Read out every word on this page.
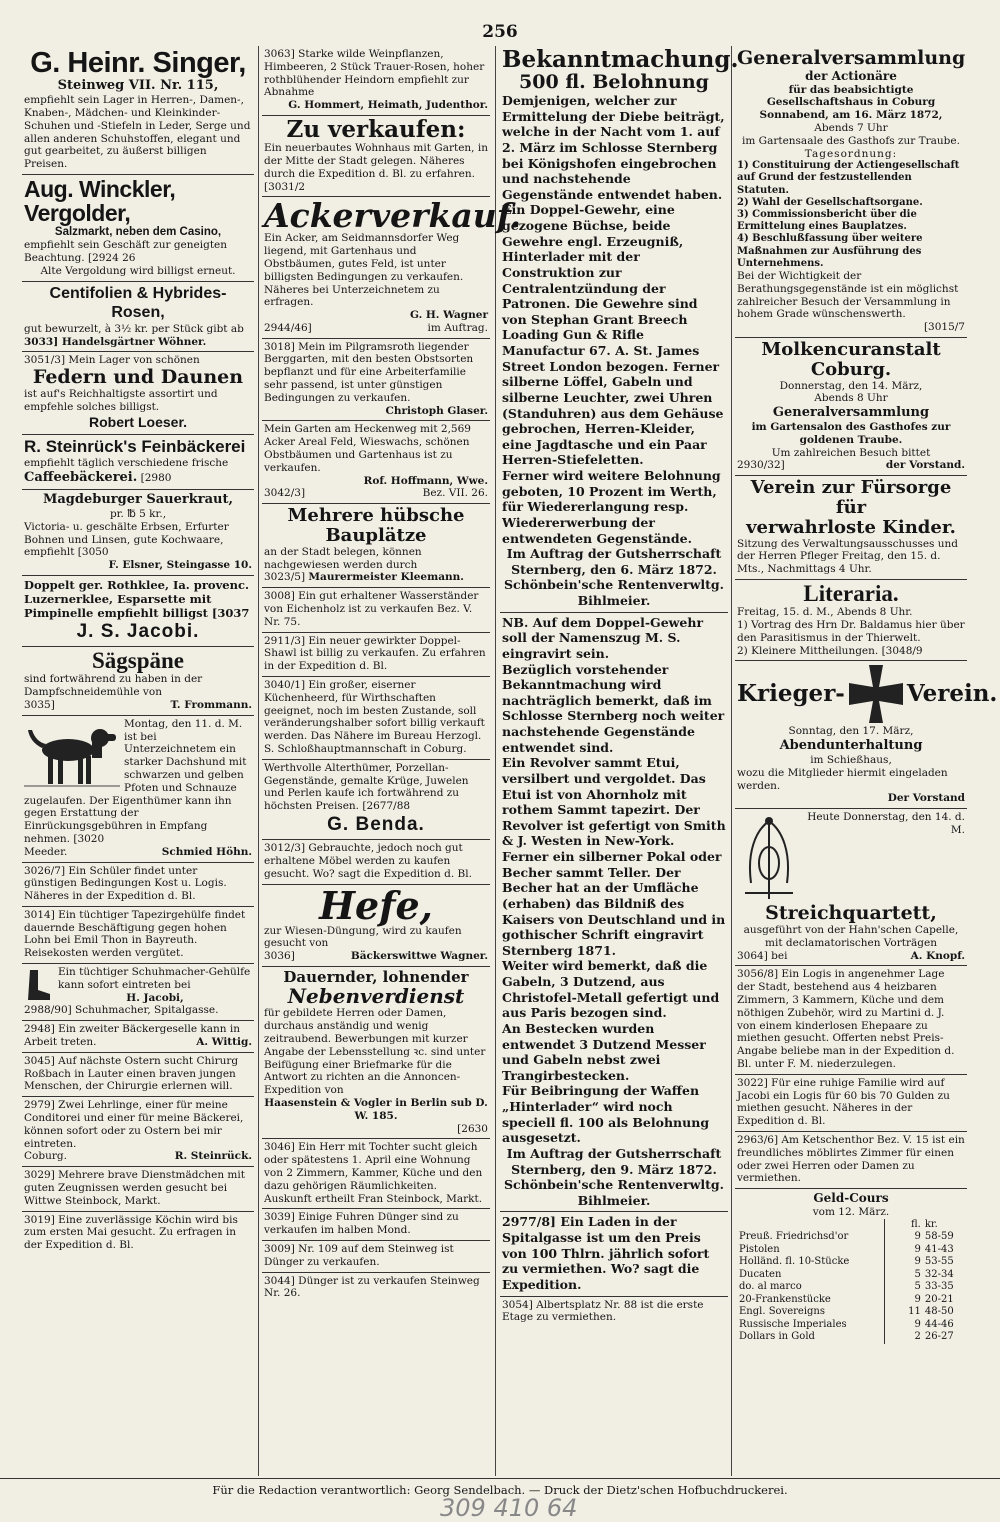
256
G. Heinr. Singer,
Steinweg VII. Nr. 115,

empfiehlt sein Lager in Herren-, Damen-, Knaben-, Mädchen- und Kleinkinder-Schuhen und -Stiefeln in Leder, Serge und allen anderen Schuhstoffen, elegant und gut gearbeitet, zu äußerst billigen Preisen.

Aug. Winckler, Vergolder,
Salzmarkt, neben dem Casino,

empfiehlt sein Geschäft zur geneigten Beachtung. [2924 26

Alte Vergoldung wird billigst erneut.

Centifolien & Hybrides-
Rosen,

gut bewurzelt, à 3½ kr. per Stück gibt ab

3033] Handelsgärtner Wöhner.

3051/3] Mein Lager von schönen

Federn und Daunen

ist auf's Reichhaltigste assortirt und empfehle solches billigst.

Robert Loeser.

R. Steinrück's Feinbäckerei

empfiehlt täglich verschiedene frische

Caffeebäckerei. [2980

Magdeburger Sauerkraut,

pr. ℔ 5 kr.,

Victoria- u. geschälte Erbsen, Erfurter Bohnen und Linsen, gute Kochwaare, empfiehlt [3050

F. Elsner, Steingasse 10.

Doppelt ger. Rothklee, Ia. provenc. Luzernerklee, Esparsette mit Pimpinelle empfiehlt billigst [3037

J. S. Jacobi.
Sägspäne

sind fortwährend zu haben in der Dampfschneidemühle von

3035]	T. Frommann.

Montag, den 11. d. M. ist bei Unterzeichnetem ein starker Dachshund mit schwarzen und gelben Pfoten und Schnauze zugelaufen. Der Eigenthümer kann ihn gegen Erstattung der Einrückungsgebühren in Empfang nehmen. [3020

Meeder.	Schmied Höhn.

3026/7] Ein Schüler findet unter günstigen Bedingungen Kost u. Logis. Näheres in der Expedition d. Bl.

3014] Ein tüchtiger Tapezirgehülfe findet dauernde Beschäftigung gegen hohen Lohn bei Emil Thon in Bayreuth. Reisekosten werden vergütet.

Ein tüchtiger Schuhmacher-Gehülfe kann sofort eintreten bei

H. Jacobi,

2988/90] Schuhmacher, Spitalgasse.

2948] Ein zweiter Bäckergeselle kann in Arbeit treten.	A. Wittig.

3045] Auf nächste Ostern sucht Chirurg Roßbach in Lauter einen braven jungen Menschen, der Chirurgie erlernen will.

2979] Zwei Lehrlinge, einer für meine Conditorei und einer für meine Bäckerei, können sofort oder zu Ostern bei mir eintreten.

Coburg.	R. Steinrück.

3029] Mehrere brave Dienstmädchen mit guten Zeugnissen werden gesucht bei Wittwe Steinbock, Markt.

3019] Eine zuverlässige Köchin wird bis zum ersten Mai gesucht. Zu erfragen in der Expedition d. Bl.

3063] Starke wilde Weinpflanzen, Himbeeren, 2 Stück Trauer-Rosen, hoher rothblühender Heindorn empfiehlt zur Abnahme

G. Hommert, Heimath, Judenthor.

Zu verkaufen:

Ein neuerbautes Wohnhaus mit Garten, in der Mitte der Stadt gelegen. Näheres durch die Expedition d. Bl. zu erfahren. [3031/2

Ackerverkauf.

Ein Acker, am Seidmannsdorfer Weg liegend, mit Gartenhaus und Obstbäumen, gutes Feld, ist unter billigsten Bedingungen zu verkaufen. Näheres bei Unterzeichnetem zu erfragen.

G. H. Wagner

2944/46]	im Auftrag.

3018] Mein im Pilgramsroth liegender Berggarten, mit den besten Obstsorten bepflanzt und für eine Arbeiterfamilie sehr passend, ist unter günstigen Bedingungen zu verkaufen.

Christoph Glaser.

Mein Garten am Heckenweg mit 2,569 Acker Areal Feld, Wieswachs, schönen Obstbäumen und Gartenhaus ist zu verkaufen.

Rof. Hoffmann, Wwe.

3042/3]	Bez. VII. 26.

Mehrere hübsche Bauplätze

an der Stadt belegen, können nachgewiesen werden durch

3023/5] Maurermeister Kleemann.

3008] Ein gut erhaltener Wasserständer von Eichenholz ist zu verkaufen Bez. V. Nr. 75.

2911/3] Ein neuer gewirkter Doppel-Shawl ist billig zu verkaufen. Zu erfahren in der Expedition d. Bl.

3040/1] Ein großer, eiserner Küchenheerd, für Wirthschaften geeignet, noch im besten Zustande, soll veränderungshalber sofort billig verkauft werden. Das Nähere im Bureau Herzogl. S. Schloßhauptmannschaft in Coburg.

Werthvolle Alterthümer, Porzellan-Gegenstände, gemalte Krüge, Juwelen und Perlen kaufe ich fortwährend zu höchsten Preisen. [2677/88

G. Benda.

3012/3] Gebrauchte, jedoch noch gut erhaltene Möbel werden zu kaufen gesucht. Wo? sagt die Expedition d. Bl.

Hefe,

zur Wiesen-Düngung, wird zu kaufen gesucht von

3036]	Bäckerswittwe Wagner.

Dauernder, lohnender
Nebenverdienst

für gebildete Herren oder Damen, durchaus anständig und wenig zeitraubend. Bewerbungen mit kurzer Angabe der Lebensstellung ꝛc. sind unter Beifügung einer Briefmarke für die Antwort zu richten an die Annoncen-Expedition von

Haasenstein & Vogler in Berlin sub D. W. 185.

[2630

3046] Ein Herr mit Tochter sucht gleich oder spätestens 1. April eine Wohnung von 2 Zimmern, Kammer, Küche und den dazu gehörigen Räumlichkeiten. Auskunft ertheilt Fran Steinbock, Markt.

3039] Einige Fuhren Dünger sind zu verkaufen im halben Mond.

3009] Nr. 109 auf dem Steinweg ist Dünger zu verkaufen.

3044] Dünger ist zu verkaufen Steinweg Nr. 26.

Bekanntmachung.
500 fl. Belohnung

Demjenigen, welcher zur Ermittelung der Diebe beiträgt, welche in der Nacht vom 1. auf 2. März im Schlosse Sternberg bei Königshofen eingebrochen und nachstehende Gegenstände entwendet haben.

Ein Doppel-Gewehr, eine gezogene Büchse, beide Gewehre engl. Erzeugniß, Hinterlader mit der Construktion zur Centralentzündung der Patronen. Die Gewehre sind von Stephan Grant Breech Loading Gun & Rifle Manufactur 67. A. St. James Street London bezogen. Ferner silberne Löffel, Gabeln und silberne Leuchter, zwei Uhren (Standuhren) aus dem Gehäuse gebrochen, Herren-Kleider, eine Jagdtasche und ein Paar Herren-Stiefeletten.

Ferner wird weitere Belohnung geboten, 10 Prozent im Werth, für Wiedererlangung resp. Wiedererwerbung der entwendeten Gegenstände.

Im Auftrag der Gutsherrschaft Sternberg, den 6. März 1872.

Schönbein'sche Rentenverwltg.

Bihlmeier.

NB. Auf dem Doppel-Gewehr soll der Namenszug M. S. eingravirt sein.

Bezüglich vorstehender Bekanntmachung wird nachträglich bemerkt, daß im Schlosse Sternberg noch weiter nachstehende Gegenstände entwendet sind.

Ein Revolver sammt Etui, versilbert und vergoldet. Das Etui ist von Ahornholz mit rothem Sammt tapezirt. Der Revolver ist gefertigt von Smith & J. Westen in New-York.

Ferner ein silberner Pokal oder Becher sammt Teller. Der Becher hat an der Umfläche (erhaben) das Bildniß des Kaisers von Deutschland und in gothischer Schrift eingravirt Sternberg 1871.

Weiter wird bemerkt, daß die Gabeln, 3 Dutzend, aus Christofel-Metall gefertigt und aus Paris bezogen sind.

An Bestecken wurden entwendet 3 Dutzend Messer und Gabeln nebst zwei Trangirbestecken.

Für Beibringung der Waffen „Hinterlader“ wird noch speciell fl. 100 als Belohnung ausgesetzt.

Im Auftrag der Gutsherrschaft Sternberg, den 9. März 1872.

Schönbein'sche Rentenverwltg.

Bihlmeier.

2977/8] Ein Laden in der Spitalgasse ist um den Preis von 100 Thlrn. jährlich sofort zu vermiethen. Wo? sagt die Expedition.

3054] Albertsplatz Nr. 88 ist die erste Etage zu vermiethen.

Generalversammlung
der Actionäre
für das beabsichtigte Gesellschaftshaus in Coburg
Sonnabend, am 16. März 1872,
Abends 7 Uhr
im Gartensaale des Gasthofs zur Traube.
Tagesordnung:

1) Constituirung der Actiengesellschaft auf Grund der festzustellenden Statuten.

2) Wahl der Gesellschaftsorgane.

3) Commissionsbericht über die Ermittelung eines Bauplatzes.

4) Beschlußfassung über weitere Maßnahmen zur Ausführung des Unternehmens.

Bei der Wichtigkeit der Berathungsgegenstände ist ein möglichst zahlreicher Besuch der Versammlung in hohem Grade wünschenswerth.

[3015/7

Molkencuranstalt Coburg.
Donnerstag, den 14. März,
Abends 8 Uhr
Generalversammlung
im Gartensalon des Gasthofes zur goldenen Traube.
Um zahlreichen Besuch bittet

2930/32]	der Vorstand.

Verein zur Fürsorge für
verwahrloste Kinder.

Sitzung des Verwaltungsausschusses und der Herren Pfleger Freitag, den 15. d. Mts., Nachmittags 4 Uhr.

Literaria.

Freitag, 15. d. M., Abends 8 Uhr.

1) Vortrag des Hrn Dr. Baldamus hier über den Parasitismus in der Thierwelt.

2) Kleinere Mittheilungen. [3048/9

Krieger-	Verein.

Sonntag, den 17. März,

Abendunterhaltung
im Schießhaus,

wozu die Mitglieder hiermit eingeladen werden.

Der Vorstand

Heute Donnerstag, den 14. d. M.

Streichquartett,

ausgeführt von der Hahn'schen Capelle, mit declamatorischen Vorträgen

3064] bei	A. Knopf.

3056/8] Ein Logis in angenehmer Lage der Stadt, bestehend aus 4 heizbaren Zimmern, 3 Kammern, Küche und dem nöthigen Zubehör, wird zu Martini d. J. von einem kinderlosen Ehepaare zu miethen gesucht. Offerten nebst Preis-Angabe beliebe man in der Expedition d. Bl. unter F. M. niederzulegen.

3022] Für eine ruhige Familie wird auf Jacobi ein Logis für 60 bis 70 Gulden zu miethen gesucht. Näheres in der Expedition d. Bl.

2963/6] Am Ketschenthor Bez. V. 15 ist ein freundliches möblirtes Zimmer für einen oder zwei Herren oder Damen zu vermiethen.

Geld-Cours
vom 12. März.
	fl.	kr.
Preuß. Friedrichsd'or	9	58-59
Pistolen	9	41-43
Holländ. fl. 10-Stücke	9	53-55
Ducaten	5	32-34
do. al marco	5	33-35
20-Frankenstücke	9	20-21
Engl. Sovereigns	11	48-50
Russische Imperiales	9	44-46
Dollars in Gold	2	26-27
Für die Redaction verantwortlich: Georg Sendelbach. — Druck der Dietz'schen Hofbuchdruckerei.
309 410 64
